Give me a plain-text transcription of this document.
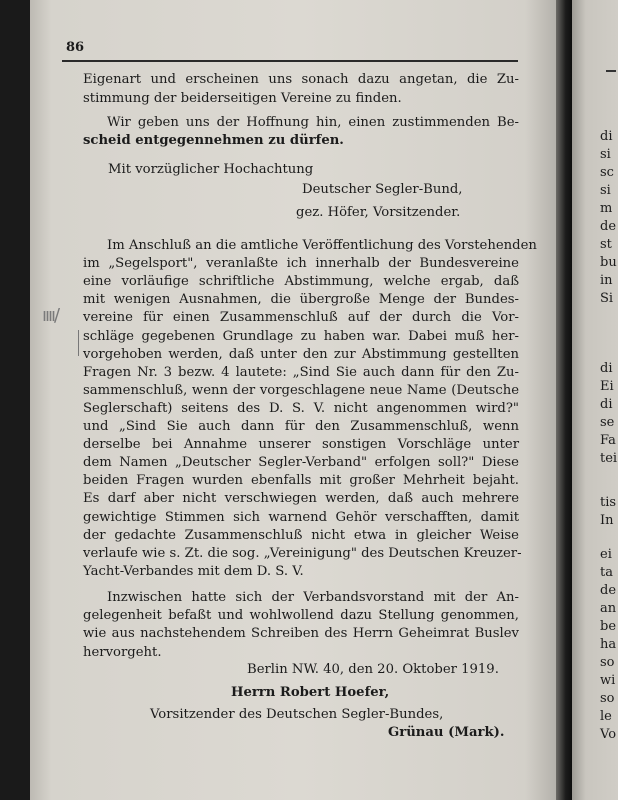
86
Eigenart und erscheinen uns sonach dazu angetan, die Zu-
stimmung der beiderseitigen Vereine zu finden.
Wir geben uns der Hoffnung hin, einen zustimmenden Be-
scheid entgegennehmen zu dürfen.
Mit vorzüglicher Hochachtung
Deutscher Segler-Bund,
gez. Höfer, Vorsitzender.
Im Anschluß an die amtliche Veröffentlichung des Vorstehenden
im „Segelsport", veranlaßte ich innerhalb der Bundesvereine
eine vorläufige schriftliche Abstimmung, welche ergab, daß
mit wenigen Ausnahmen, die übergroße Menge der Bundes-
vereine für einen Zusammenschluß auf der durch die Vor-
schläge gegebenen Grundlage zu haben war. Dabei muß her-
vorgehoben werden, daß unter den zur Abstimmung gestellten
Fragen Nr. 3 bezw. 4 lautete: „Sind Sie auch dann für den Zu-
sammenschluß, wenn der vorgeschlagene neue Name (Deutsche
Seglerschaft) seitens des D. S. V. nicht angenommen wird?"
und „Sind Sie auch dann für den Zusammenschluß, wenn
derselbe bei Annahme unserer sonstigen Vorschläge unter
dem Namen „Deutscher Segler-Verband" erfolgen soll?" Diese
beiden Fragen wurden ebenfalls mit großer Mehrheit bejaht.
Es darf aber nicht verschwiegen werden, daß auch mehrere
gewichtige Stimmen sich warnend Gehör verschafften, damit
der gedachte Zusammenschluß nicht etwa in gleicher Weise
verlaufe wie s. Zt. die sog. „Vereinigung" des Deutschen Kreuzer-
Yacht-Verbandes mit dem D. S. V.
ıııı/
Inzwischen hatte sich der Verbandsvorstand mit der An-
gelegenheit befaßt und wohlwollend dazu Stellung genommen,
wie aus nachstehendem Schreiben des Herrn Geheimrat Buslev
hervorgeht.
Berlin NW. 40, den 20. Oktober 1919.
Herrn Robert Hoefer,
Vorsitzender des Deutschen Segler-Bundes,
Grünau (Mark).
di
si
sc
si
m
de
st
bu
in
Si
di
Ei
di
se
Fa
tei
tis
In
ei
ta
de
an
be
ha
so
wi
so
le
Vo
